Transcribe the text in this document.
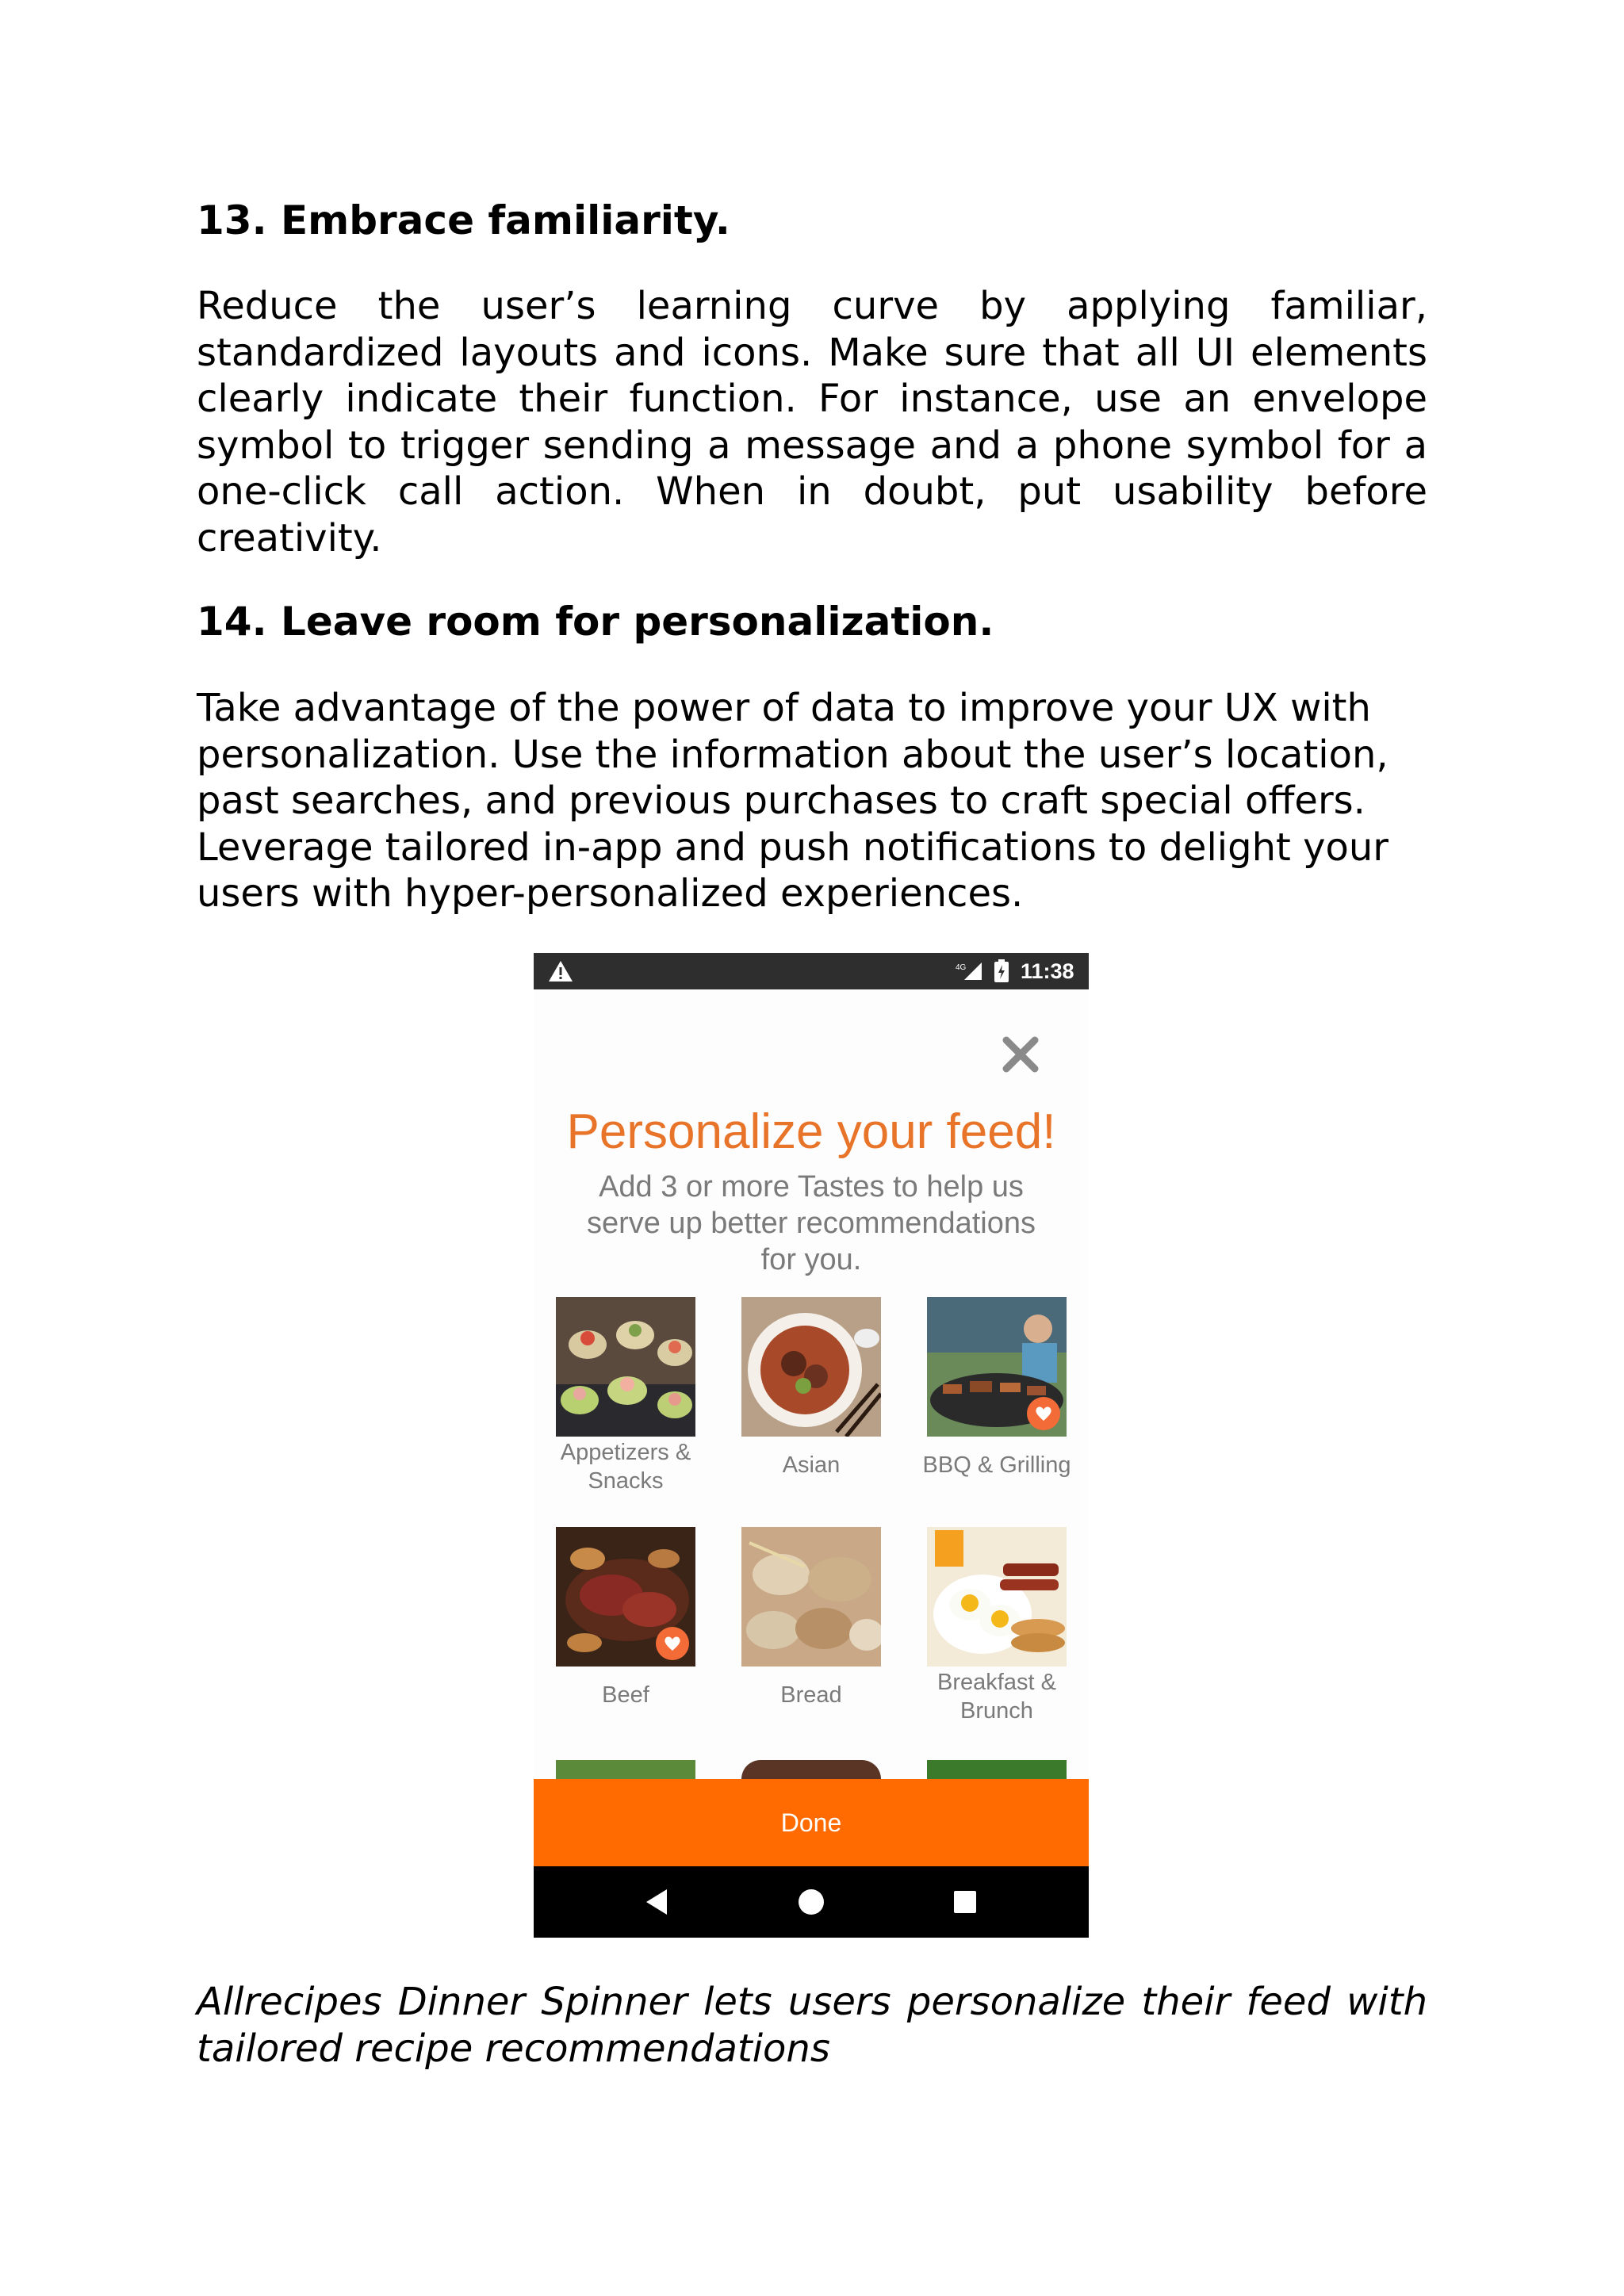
13. Embrace familiarity.

Reduce the user’s learning curve by applying familiar, standardized layouts and icons. Make sure that all UI elements clearly indicate their function. For instance, use an envelope symbol to trigger sending a message and a phone symbol for a one-click call action. When in doubt, put usability before creativity.

14. Leave room for personalization.
Take advantage of the power of data to improve your UX with
personalization. Use the information about the user’s location,
past searches, and previous purchases to craft special offers.
Leverage tailored in-app and push notifications to delight your
users with hyper-personalized experiences.
4G	11:38
Personalize your feed!
Add 3 or more Tastes to help us
serve up better recommendations
for you.
Appetizers &
Snacks
Asian	BBQ & Grilling
Beef	Bread	Breakfast &
Brunch
Done

Allrecipes Dinner Spinner lets users personalize their feed with tailored recipe recommendations
